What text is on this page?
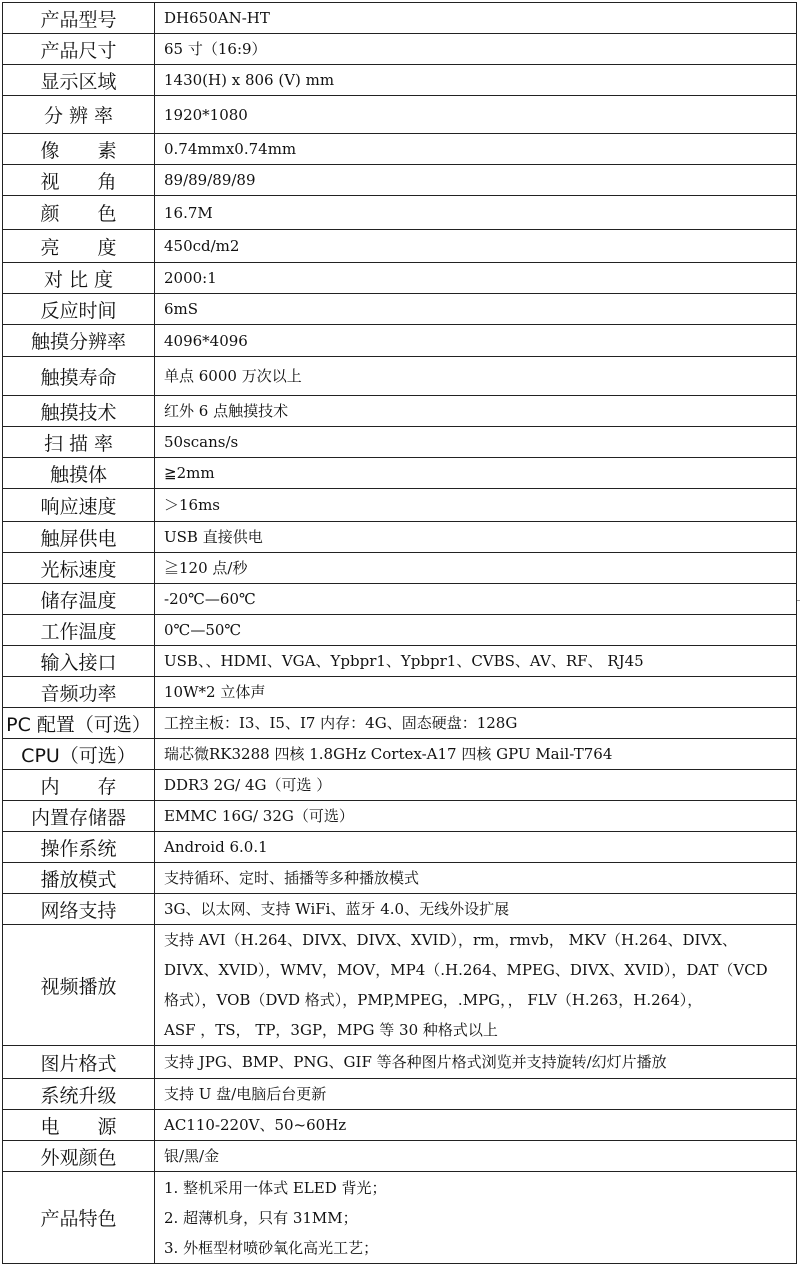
产品型号	DH650AN-HT
产品尺寸	65 寸（16:9）
显示区域	1430(H) x 806 (V) mm
分 辨 率	1920*1080
像　　素	0.74mmx0.74mm
视　　角	89/89/89/89
颜　　色	16.7M
亮　　度	450cd/m2
对 比 度	2000:1
反应时间	6mS
触摸分辨率	4096*4096
触摸寿命	单点 6000 万次以上
触摸技术	红外 6 点触摸技术
扫 描 率	50scans/s
触摸体	≧2mm
响应速度	＞16ms
触屏供电	USB 直接供电
光标速度	≧120 点/秒
储存温度	-20℃—60℃
工作温度	0℃—50℃
输入接口	USB、、HDMI、VGA、Ypbpr1、Ypbpr1、CVBS、AV、RF、 RJ45
音频功率	10W*2 立体声
PC 配置（可选）	工控主板：I3、I5、I7 内存：4G、固态硬盘：128G
CPU（可选）	瑞芯微RK3288 四核 1.8GHz Cortex-A17 四核 GPU Mail-T764
内　　存	DDR3 2G/ 4G（可选 ）
内置存储器	EMMC 16G/ 32G（可选）
操作系统	Android 6.0.1
播放模式	支持循环、定时、插播等多种播放模式
网络支持	3G、以太网、支持 WiFi、蓝牙 4.0、无线外设扩展
视频播放	支持 AVI（H.264、DIVX、DIVX、XVID），rm，rmvb， MKV（H.264、DIVX、
DIVX、XVID），WMV，MOV，MP4（.H.264、MPEG、DIVX、XVID），DAT（VCD
格式），VOB（DVD 格式），PMP,MPEG，.MPG，， FLV（H.263，H.264），
ASF ，TS， TP，3GP，MPG 等 30 种格式以上

图片格式	支持 JPG、BMP、PNG、GIF 等各种图片格式浏览并支持旋转/幻灯片播放
系统升级	支持 U 盘/电脑后台更新
电　　源	AC110-220V、50~60Hz
外观颜色	银/黑/金
产品特色	1. 整机采用一体式 ELED 背光；
2. 超薄机身，只有 31MM；
3. 外框型材喷砂氧化高光工艺；
